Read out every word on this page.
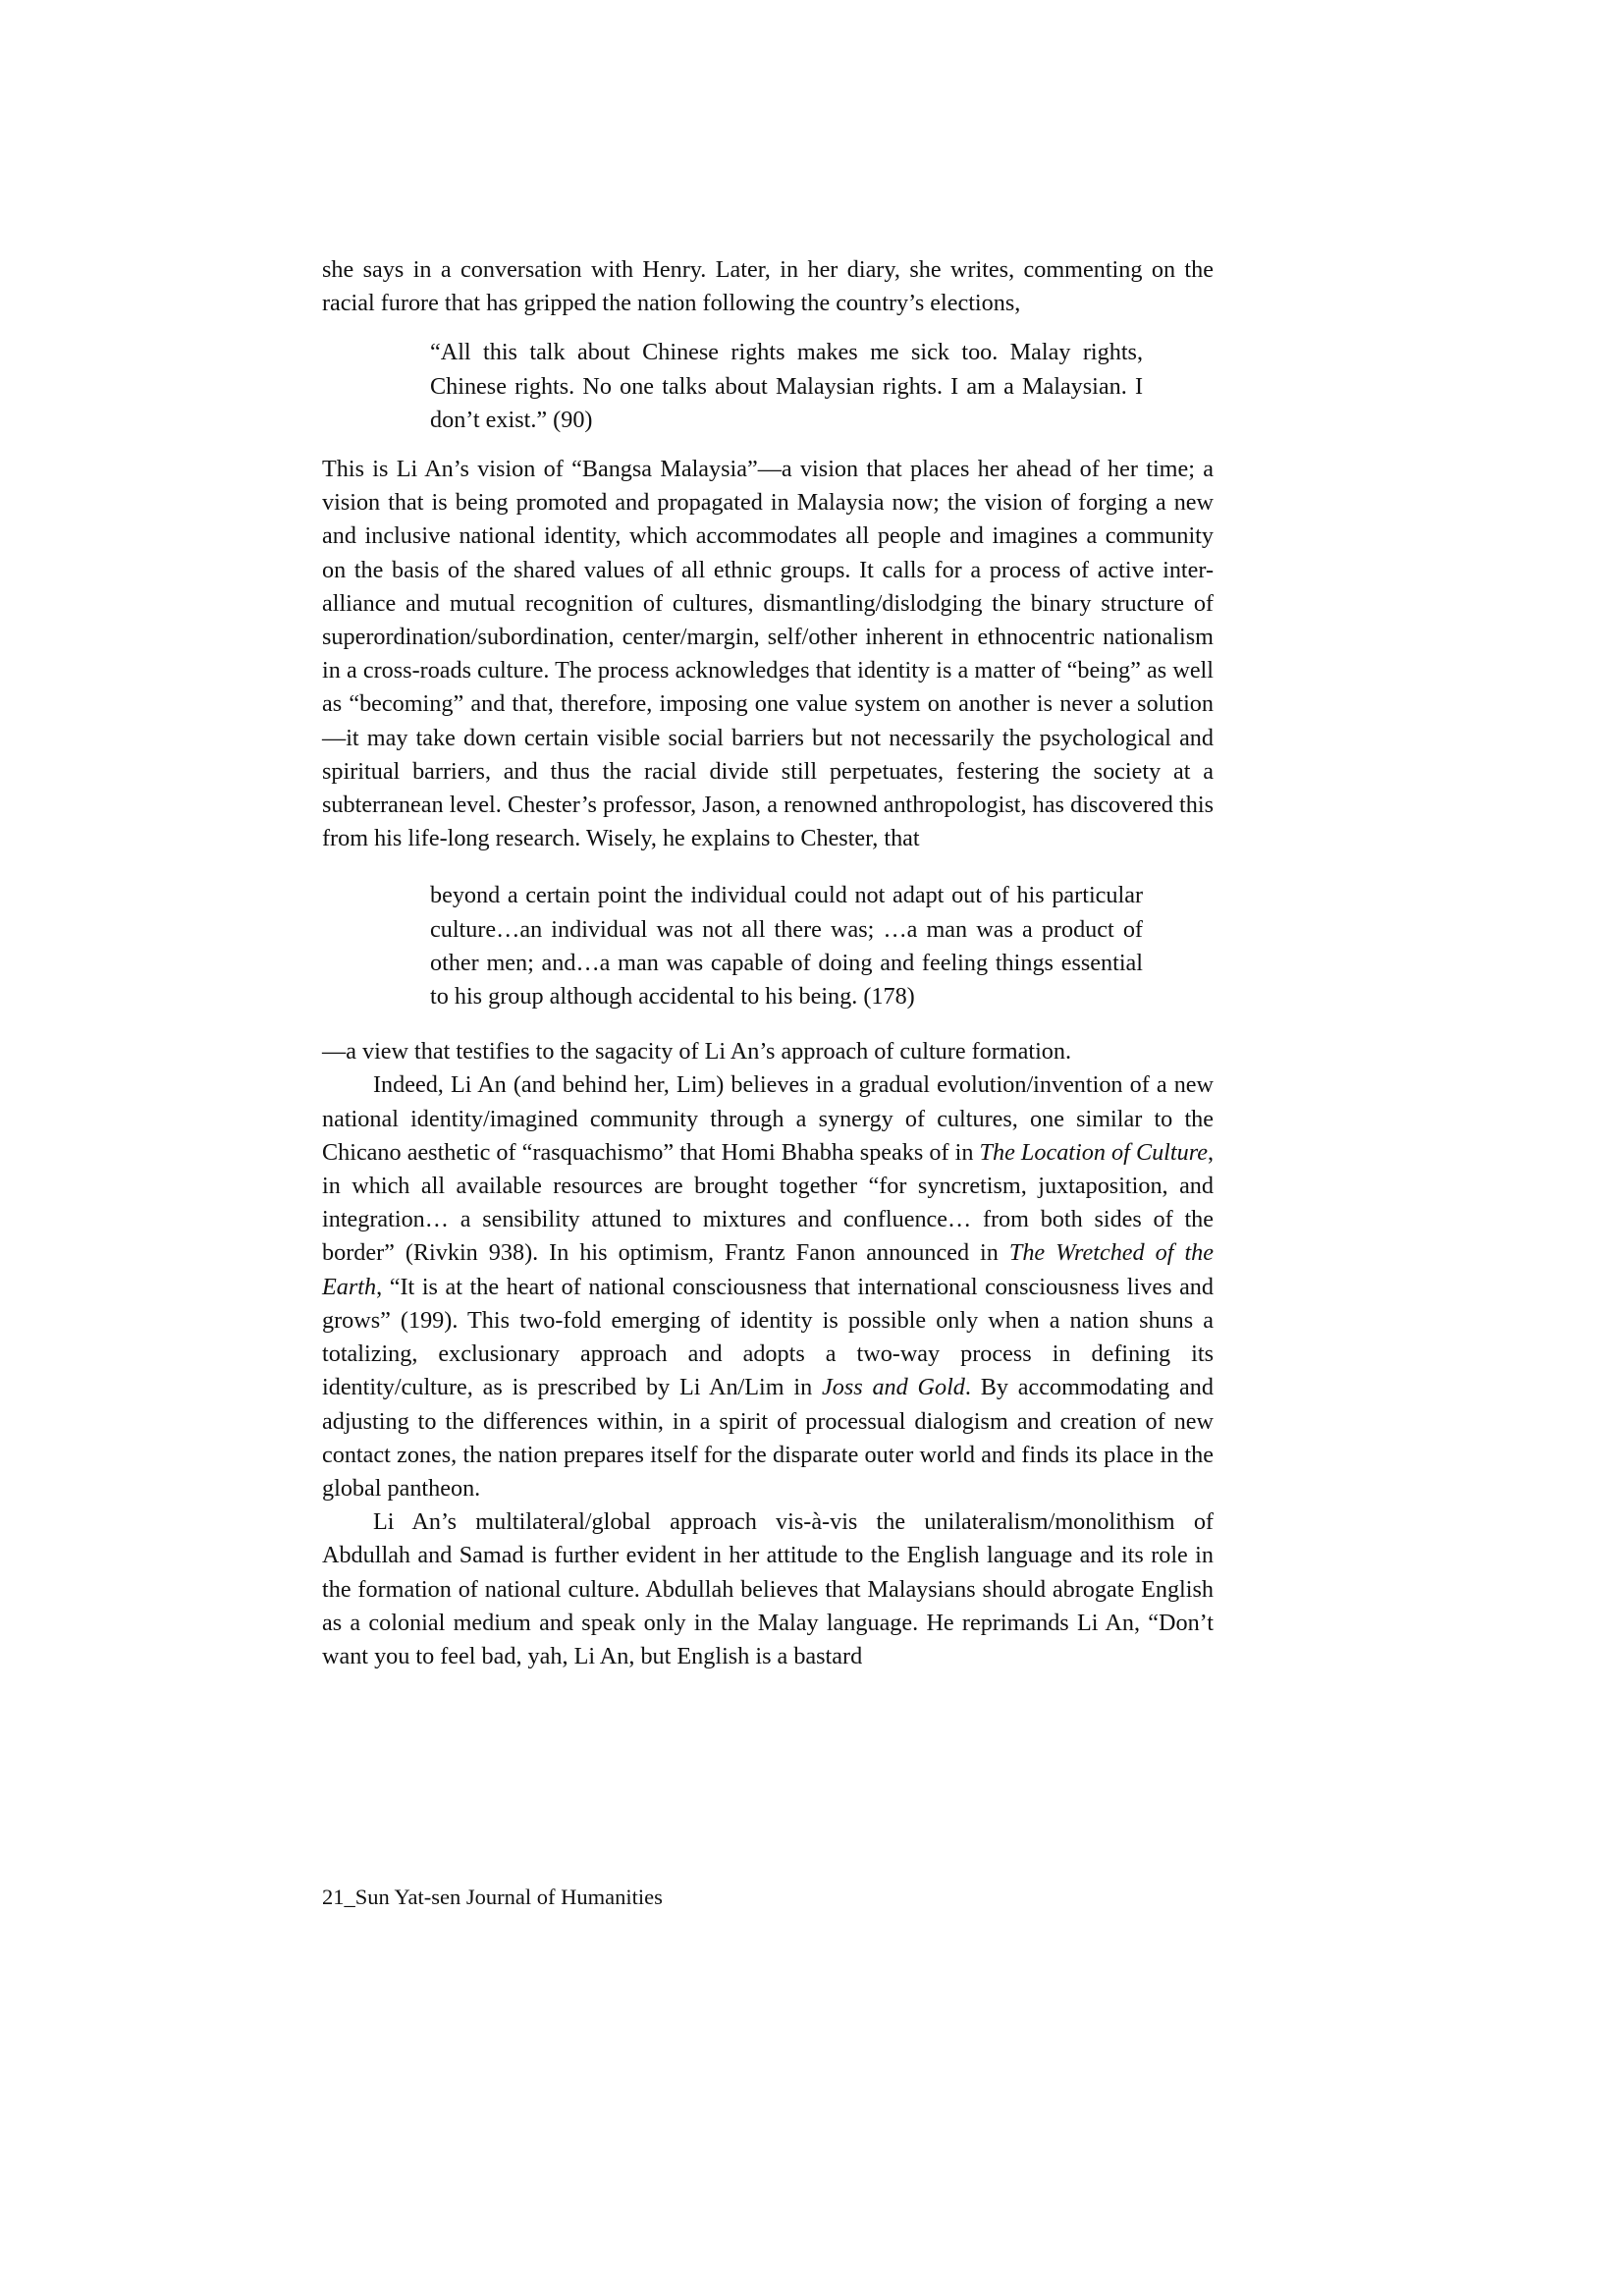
she says in a conversation with Henry. Later, in her diary, she writes, commenting on the racial furore that has gripped the nation following the country’s elections,

“All this talk about Chinese rights makes me sick too. Malay rights, Chinese rights. No one talks about Malaysian rights. I am a Malaysian. I don’t exist.” (90)

This is Li An’s vision of “Bangsa Malaysia”—a vision that places her ahead of her time; a vision that is being promoted and propagated in Malaysia now; the vision of forging a new and inclusive national identity, which accommodates all people and imagines a community on the basis of the shared values of all ethnic groups. It calls for a process of active inter-alliance and mutual recognition of cultures, dismantling/dislodging the binary structure of superordination/subordination, center/margin, self/other inherent in ethnocentric nationalism in a cross-roads culture. The process acknowledges that identity is a matter of “being” as well as “becoming” and that, therefore, imposing one value system on another is never a solution—it may take down certain visible social barriers but not necessarily the psychological and spiritual barriers, and thus the racial divide still perpetuates, festering the society at a subterranean level. Chester’s professor, Jason, a renowned anthropologist, has discovered this from his life-long research. Wisely, he explains to Chester, that

beyond a certain point the individual could not adapt out of his particular culture…an individual was not all there was; …a man was a product of other men; and…a man was capable of doing and feeling things essential to his group although accidental to his being. (178)

—a view that testifies to the sagacity of Li An’s approach of culture formation.

Indeed, Li An (and behind her, Lim) believes in a gradual evolution/invention of a new national identity/imagined community through a synergy of cultures, one similar to the Chicano aesthetic of “rasquachismo” that Homi Bhabha speaks of in The Location of Culture, in which all available resources are brought together “for syncretism, juxtaposition, and integration… a sensibility attuned to mixtures and confluence… from both sides of the border” (Rivkin 938). In his optimism, Frantz Fanon announced in The Wretched of the Earth, “It is at the heart of national consciousness that international consciousness lives and grows” (199). This two-fold emerging of identity is possible only when a nation shuns a totalizing, exclusionary approach and adopts a two-way process in defining its identity/culture, as is prescribed by Li An/Lim in Joss and Gold. By accommodating and adjusting to the differences within, in a spirit of processual dialogism and creation of new contact zones, the nation prepares itself for the disparate outer world and finds its place in the global pantheon.

Li An’s multilateral/global approach vis-à-vis the unilateralism/monolithism of Abdullah and Samad is further evident in her attitude to the English language and its role in the formation of national culture. Abdullah believes that Malaysians should abrogate English as a colonial medium and speak only in the Malay language. He reprimands Li An, “Don’t want you to feel bad, yah, Li An, but English is a bastard

21_Sun Yat-sen Journal of Humanities
